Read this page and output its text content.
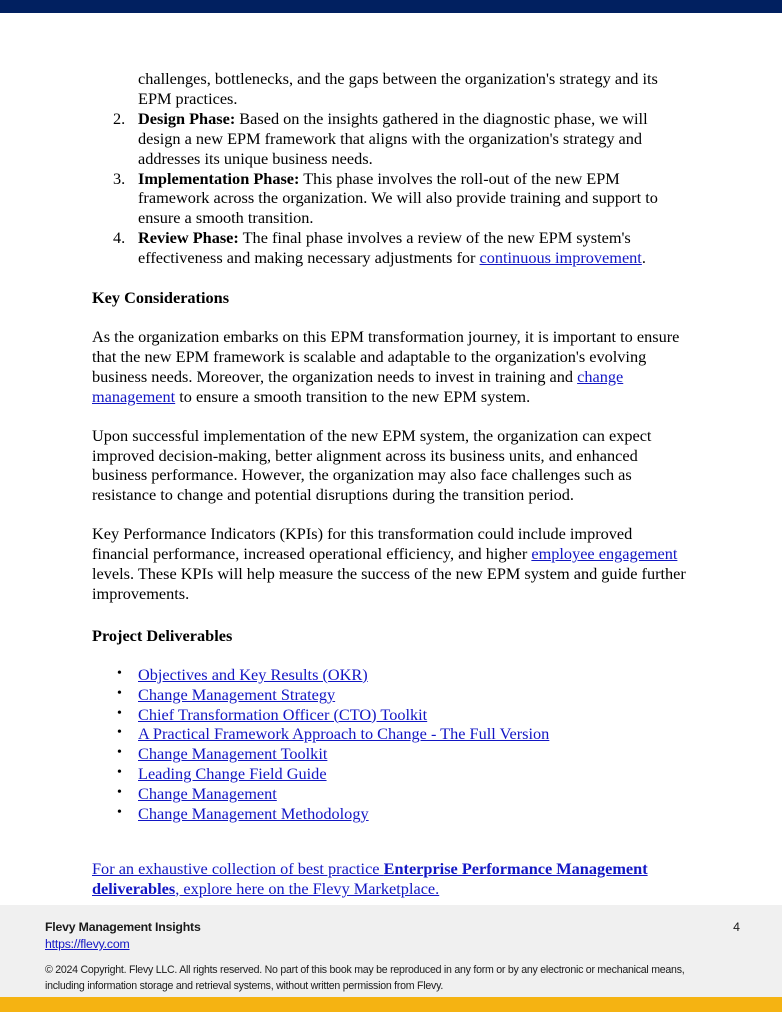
challenges, bottlenecks, and the gaps between the organization's strategy and its EPM practices.

2. Design Phase: Based on the insights gathered in the diagnostic phase, we will design a new EPM framework that aligns with the organization's strategy and addresses its unique business needs.
3. Implementation Phase: This phase involves the roll-out of the new EPM framework across the organization. We will also provide training and support to ensure a smooth transition.
4. Review Phase: The final phase involves a review of the new EPM system's effectiveness and making necessary adjustments for continuous improvement.
Key Considerations

As the organization embarks on this EPM transformation journey, it is important to ensure that the new EPM framework is scalable and adaptable to the organization's evolving business needs. Moreover, the organization needs to invest in training and change management to ensure a smooth transition to the new EPM system.

Upon successful implementation of the new EPM system, the organization can expect improved decision-making, better alignment across its business units, and enhanced business performance. However, the organization may also face challenges such as resistance to change and potential disruptions during the transition period.

Key Performance Indicators (KPIs) for this transformation could include improved financial performance, increased operational efficiency, and higher employee engagement levels. These KPIs will help measure the success of the new EPM system and guide further improvements.

Project Deliverables
• Objectives and Key Results (OKR)
• Change Management Strategy
• Chief Transformation Officer (CTO) Toolkit
• A Practical Framework Approach to Change - The Full Version
• Change Management Toolkit
• Leading Change Field Guide
• Change Management
• Change Management Methodology

For an exhaustive collection of best practice Enterprise Performance Management deliverables, explore here on the Flevy Marketplace.

Flevy Management Insights
https://flevy.com
4
© 2024 Copyright. Flevy LLC. All rights reserved. No part of this book may be reproduced in any form or by any electronic or mechanical means, including information storage and retrieval systems, without written permission from Flevy.
